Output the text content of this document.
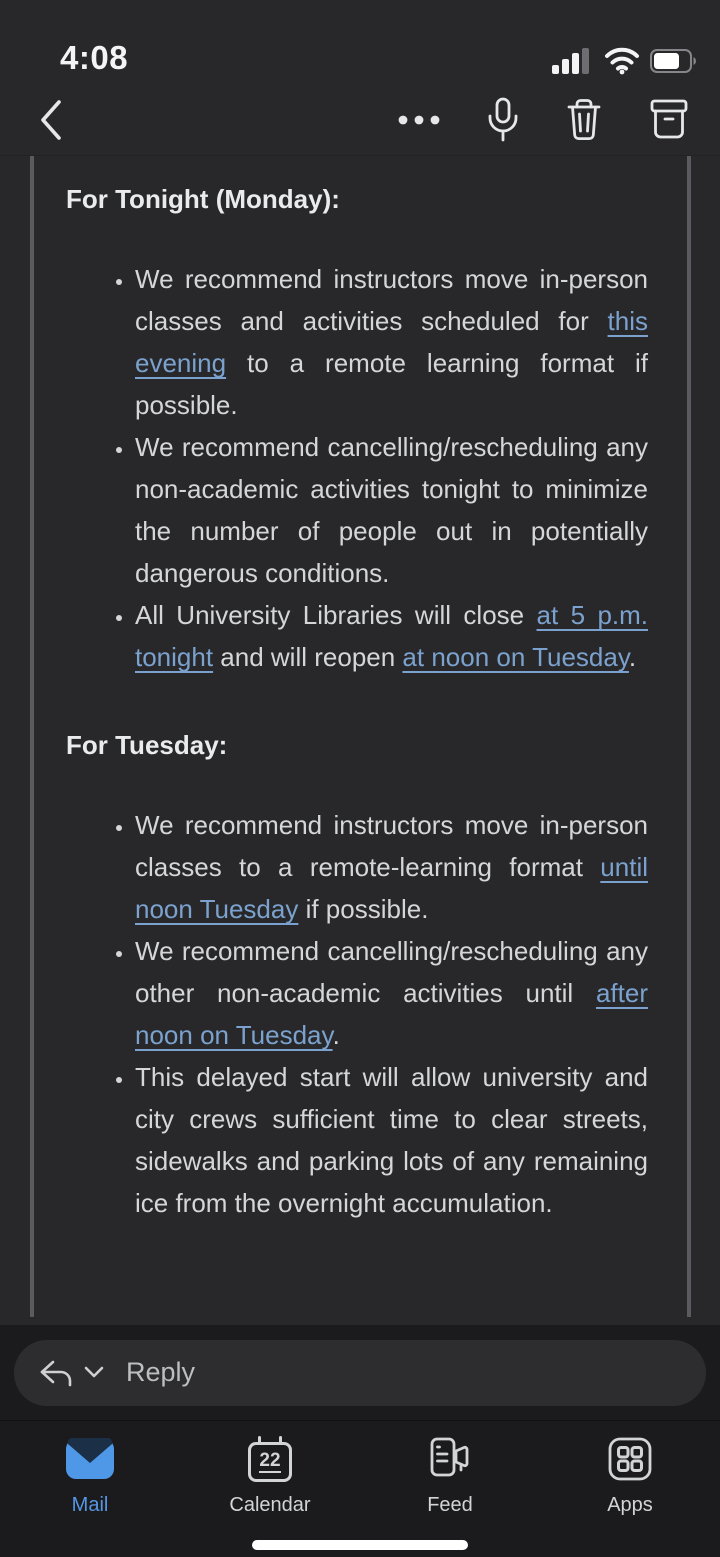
4:08
For Tonight (Monday):
• We recommend instructors move in-person classes and activities scheduled for this evening to a remote learning format if possible.
• We recommend cancelling/rescheduling any non-academic activities tonight to minimize the number of people out in potentially dangerous conditions.
• All University Libraries will close at 5 p.m. tonight and will reopen at noon on Tuesday.
For Tuesday:
• We recommend instructors move in-person classes to a remote-learning format until noon Tuesday if possible.
• We recommend cancelling/rescheduling any other non-academic activities until after noon on Tuesday.
• This delayed start will allow university and city crews sufficient time to clear streets, sidewalks and parking lots of any remaining ice from the overnight accumulation.
Reply
Mail
22
Calendar	Feed	Apps
